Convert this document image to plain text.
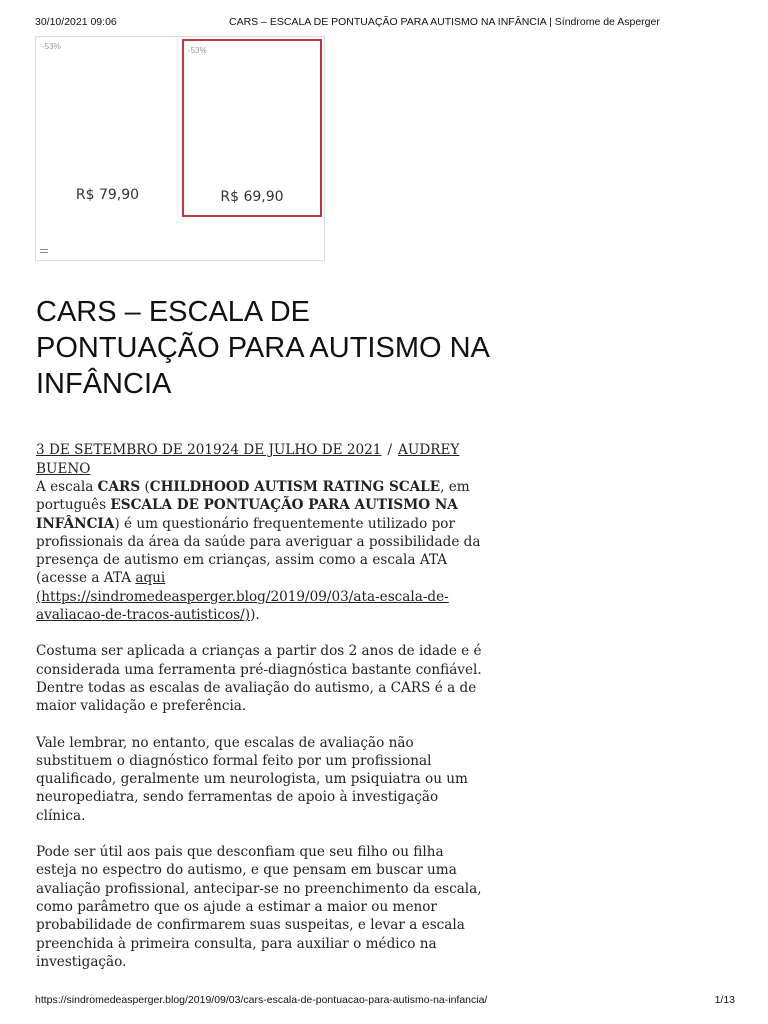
30/10/2021 09:06	CARS – ESCALA DE PONTUAÇÃO PARA AUTISMO NA INFÂNCIA | Síndrome de Asperger
-53%
R$ 79,90
-53%
R$ 69,90
CARS – ESCALA DE PONTUAÇÃO PARA AUTISMO NA INFÂNCIA
3 DE SETEMBRO DE 201924 DE JULHO DE 2021 / AUDREY BUENO

A escala CARS (CHILDHOOD AUTISM RATING SCALE, em português ESCALA DE PONTUAÇÃO PARA AUTISMO NA INFÂNCIA) é um questionário frequentemente utilizado por profissionais da área da saúde para averiguar a possibilidade da presença de autismo em crianças, assim como a escala ATA (acesse a ATA aqui (https://sindromedeasperger.blog/2019/09/03/ata-escala-de-avaliacao-de-tracos-autisticos/)).

Costuma ser aplicada a crianças a partir dos 2 anos de idade e é considerada uma ferramenta pré-diagnóstica bastante confiável. Dentre todas as escalas de avaliação do autismo, a CARS é a de maior validação e preferência.

Vale lembrar, no entanto, que escalas de avaliação não substituem o diagnóstico formal feito por um profissional qualificado, geralmente um neurologista, um psiquiatra ou um neuropediatra, sendo ferramentas de apoio à investigação clínica.

Pode ser útil aos pais que desconfiam que seu filho ou filha esteja no espectro do autismo, e que pensam em buscar uma avaliação profissional, antecipar-se no preenchimento da escala, como parâmetro que os ajude a estimar a maior ou menor probabilidade de confirmarem suas suspeitas, e levar a escala preenchida à primeira consulta, para auxiliar o médico na investigação.

https://sindromedeasperger.blog/2019/09/03/cars-escala-de-pontuacao-para-autismo-na-infancia/	1/13
